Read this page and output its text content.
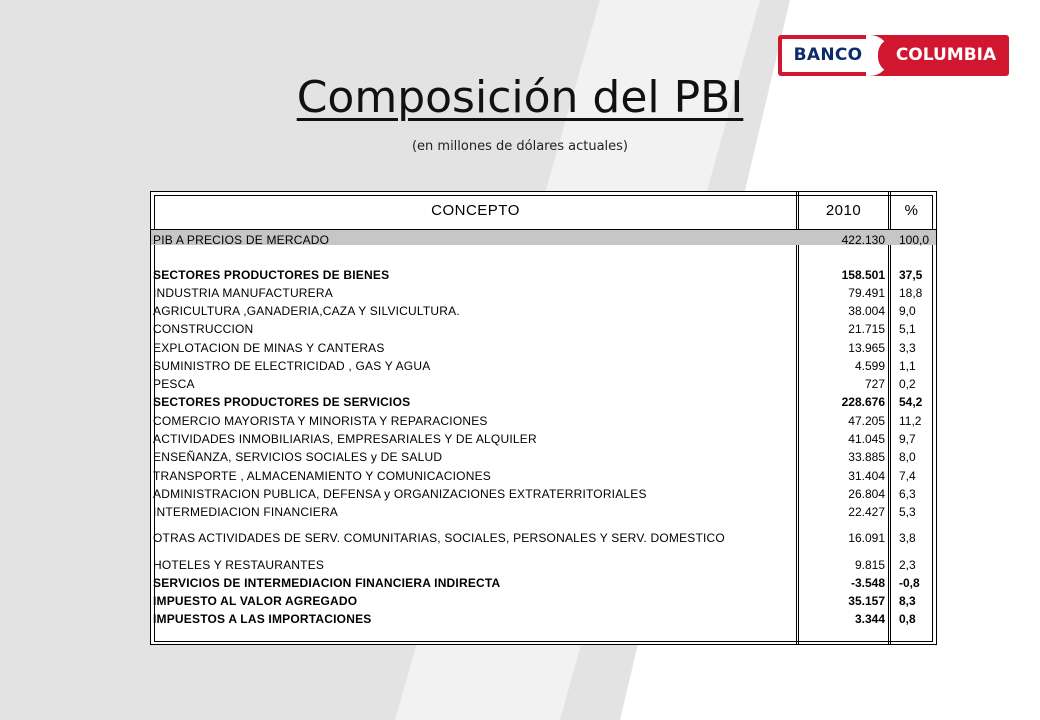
BANCO	COLUMBIA
Composición del PBI
(en millones de dólares actuales)
CONCEPTO	2010	%
PIB A PRECIOS DE MERCADO	422.130 100,0
SECTORES PRODUCTORES DE BIENES	158.501 37,5
INDUSTRIA MANUFACTURERA	79.491 18,8
AGRICULTURA ,GANADERIA,CAZA Y SILVICULTURA.	38.004 9,0
CONSTRUCCION	21.715 5,1
EXPLOTACION DE MINAS Y CANTERAS	13.965 3,3
SUMINISTRO DE ELECTRICIDAD , GAS Y AGUA	4.599 1,1
PESCA	727 0,2
SECTORES PRODUCTORES DE SERVICIOS	228.676 54,2
COMERCIO MAYORISTA Y MINORISTA Y REPARACIONES	47.205 11,2
ACTIVIDADES INMOBILIARIAS, EMPRESARIALES Y DE ALQUILER	41.045 9,7
ENSEÑANZA, SERVICIOS SOCIALES y DE SALUD	33.885 8,0
TRANSPORTE , ALMACENAMIENTO Y COMUNICACIONES	31.404 7,4
ADMINISTRACION PUBLICA, DEFENSA y ORGANIZACIONES EXTRATERRITORIALES	26.804 6,3
INTERMEDIACION FINANCIERA	22.427 5,3
OTRAS ACTIVIDADES DE SERV. COMUNITARIAS, SOCIALES, PERSONALES Y SERV. DOMESTICO	16.091 3,8
HOTELES Y RESTAURANTES	9.815 2,3
SERVICIOS DE INTERMEDIACION FINANCIERA INDIRECTA	-3.548 -0,8
IMPUESTO AL VALOR AGREGADO	35.157 8,3
IMPUESTOS A LAS IMPORTACIONES	3.344 0,8
